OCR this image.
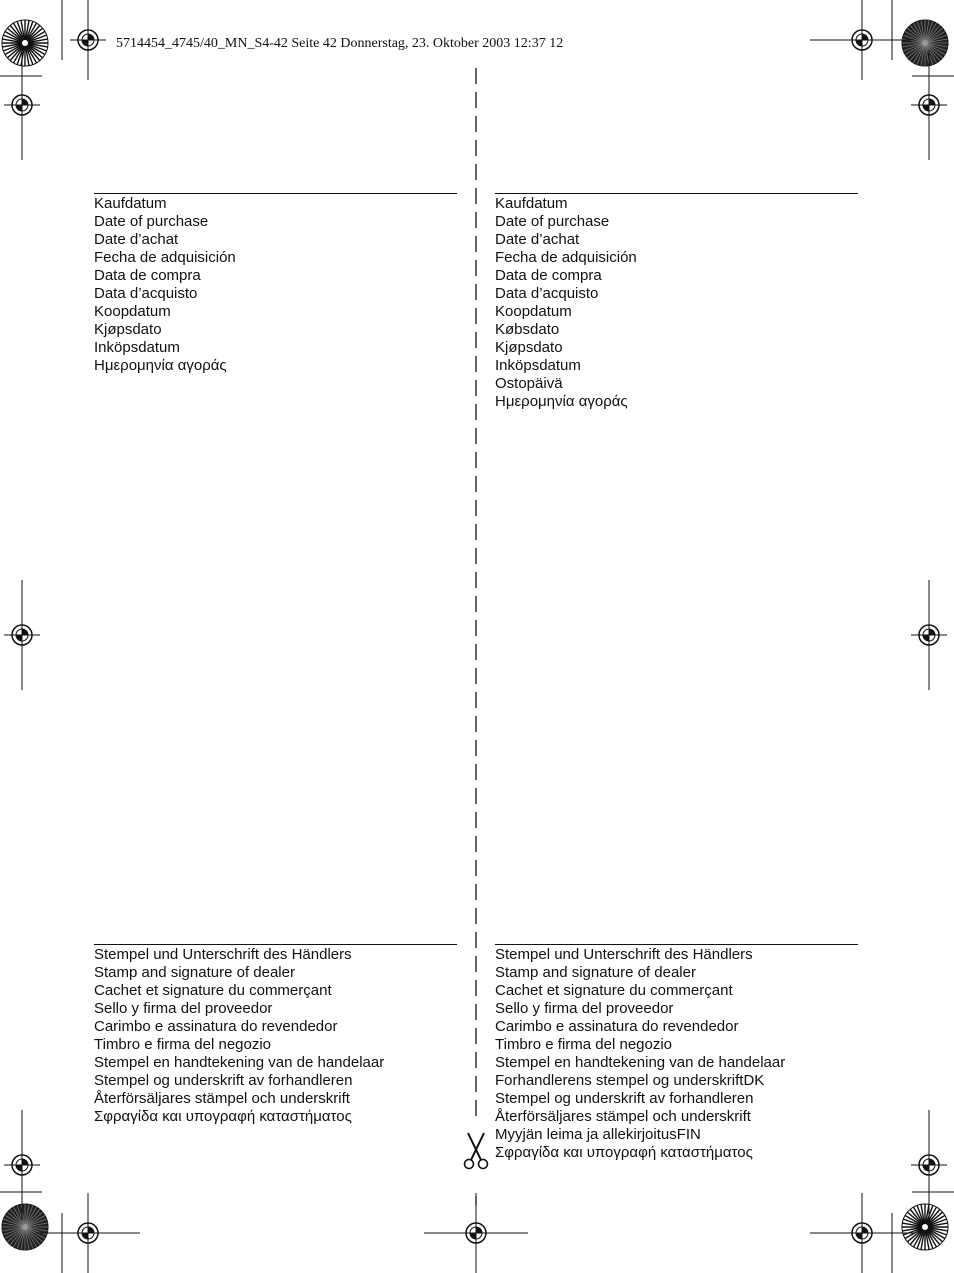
5714454_4745/40_MN_S4-42 Seite 42 Donnerstag, 23. Oktober 2003 12:37 12
Kaufdatum
Date of purchase
Date d’achat
Fecha de adquisición
Data de compra
Data d’acquisto
Koopdatum
Kjøpsdato
Inköpsdatum
Ημερομηνία αγοράς
Kaufdatum
Date of purchase
Date d’achat
Fecha de adquisición
Data de compra
Data d’acquisto
Koopdatum
Købsdato
Kjøpsdato
Inköpsdatum
Ostopäivä
Ημερομηνία αγοράς
Stempel und Unterschrift des Händlers
Stamp and signature of dealer
Cachet et signature du commerçant
Sello y firma del proveedor
Carimbo e assinatura do revendedor
Timbro e firma del negozio
Stempel en handtekening van de handelaar
Stempel og underskrift av forhandleren
Återförsäljares stämpel och underskrift
Σφραγίδα και υπογραφή καταστήματος
Stempel und Unterschrift des Händlers
Stamp and signature of dealer
Cachet et signature du commerçant
Sello y firma del proveedor
Carimbo e assinatura do revendedor
Timbro e firma del negozio
Stempel en handtekening van de handelaar
Forhandlerens stempel og underskriftDK
Stempel og underskrift av forhandleren
Återförsäljares stämpel och underskrift
Myyjän leima ja allekirjoitusFIN
Σφραγίδα και υπογραφή καταστήματος
